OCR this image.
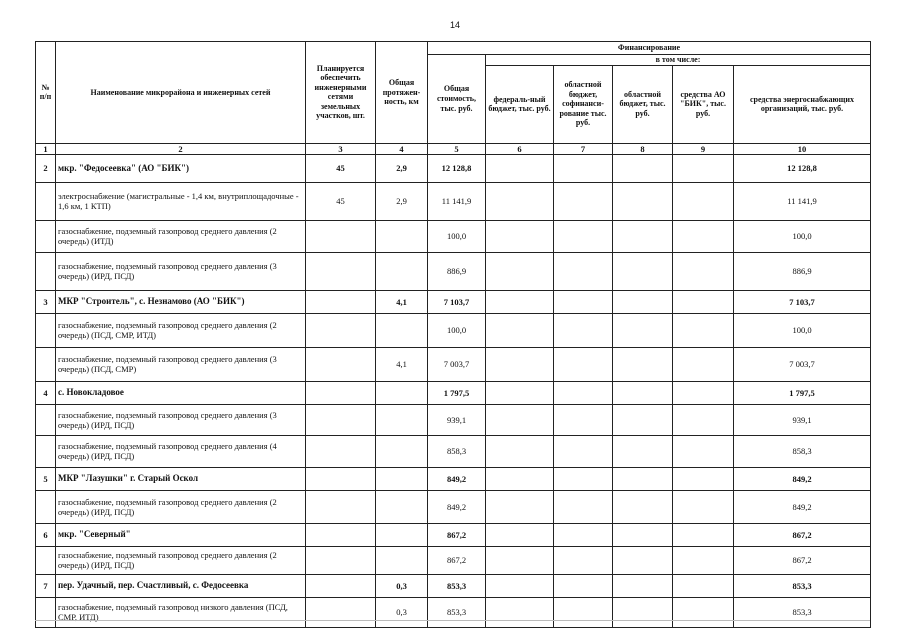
14
№ п/п	Наименование микрорайона и инженерных сетей	Планируется обеспечить инженерными сетями земельных участков, шт.	Общая протяжен-ность, км	Финансирование					
				Общая стоимость, тыс. руб.	в том числе:				
					федераль-ный бюджет, тыс. руб.	областной бюджет, софинанси-рование тыс. руб.	областной бюджет, тыс. руб.	средства АО "БИК", тыс. руб.	средства энергоснабжающих организаций, тыс. руб.
1	2	3	4	5	6	7	8	9	10
2	мкр. "Федосеевка" (АО "БИК")	45	2,9	12 128,8					12 128,8
	электроснабжение (магистральные - 1,4 км, внутриплощадочные - 1,6 км, 1 КТП)	45	2,9	11 141,9					11 141,9
	газоснабжение, подземный газопровод среднего давления (2 очередь) (ИТД)			100,0					100,0
	газоснабжение, подземный газопровод среднего давления (3 очередь) (ИРД, ПСД)			886,9					886,9
3	МКР "Строитель", с. Незнамово (АО "БИК")		4,1	7 103,7					7 103,7
	газоснабжение, подземный газопровод среднего давления (2 очередь) (ПСД, СМР, ИТД)			100,0					100,0
	газоснабжение, подземный газопровод среднего давления (3 очередь) (ПСД, СМР)		4,1	7 003,7					7 003,7
4	с. Новокладовое			1 797,5					1 797,5
	газоснабжение, подземный газопровод среднего давления (3 очередь) (ИРД, ПСД)			939,1					939,1
	газоснабжение, подземный газопровод среднего давления (4 очередь) (ИРД, ПСД)			858,3					858,3
5	МКР "Лазушки" г. Старый Оскол			849,2					849,2
	газоснабжение, подземный газопровод среднего давления (2 очередь) (ИРД, ПСД)			849,2					849,2
6	мкр. "Северный"			867,2					867,2
	газоснабжение, подземный газопровод среднего давления (2 очередь) (ИРД, ПСД)			867,2					867,2
7	пер. Удачный, пер. Счастливый, с. Федосеевка		0,3	853,3					853,3
	газоснабжение, подземный газопровод низкого давления (ПСД, СМР, ИТД)		0,3	853,3					853,3
